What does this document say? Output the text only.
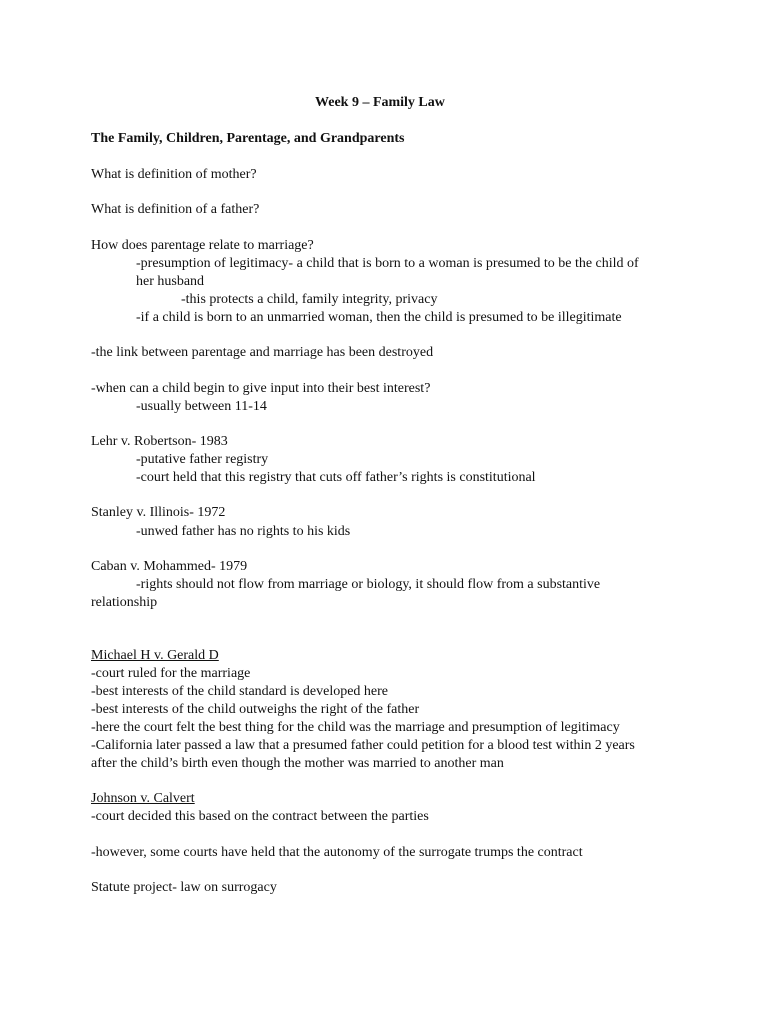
Week 9 – Family Law
The Family, Children, Parentage, and Grandparents
What is definition of mother?
What is definition of a father?
How does parentage relate to marriage?
-presumption of legitimacy- a child that is born to a woman is presumed to be the child of
her husband
-this protects a child, family integrity, privacy
-if a child is born to an unmarried woman, then the child is presumed to be illegitimate
-the link between parentage and marriage has been destroyed
-when can a child begin to give input into their best interest?
-usually between 11-14
Lehr v. Robertson- 1983
-putative father registry
-court held that this registry that cuts off father’s rights is constitutional
Stanley v. Illinois- 1972
-unwed father has no rights to his kids
Caban v. Mohammed- 1979
-rights should not flow from marriage or biology, it should flow from a substantive
relationship
Michael H v. Gerald D
-court ruled for the marriage
-best interests of the child standard is developed here
-best interests of the child outweighs the right of the father
-here the court felt the best thing for the child was the marriage and presumption of legitimacy
-California later passed a law that a presumed father could petition for a blood test within 2 years
after the child’s birth even though the mother was married to another man
Johnson v. Calvert
-court decided this based on the contract between the parties
-however, some courts have held that the autonomy of the surrogate trumps the contract
Statute project- law on surrogacy
